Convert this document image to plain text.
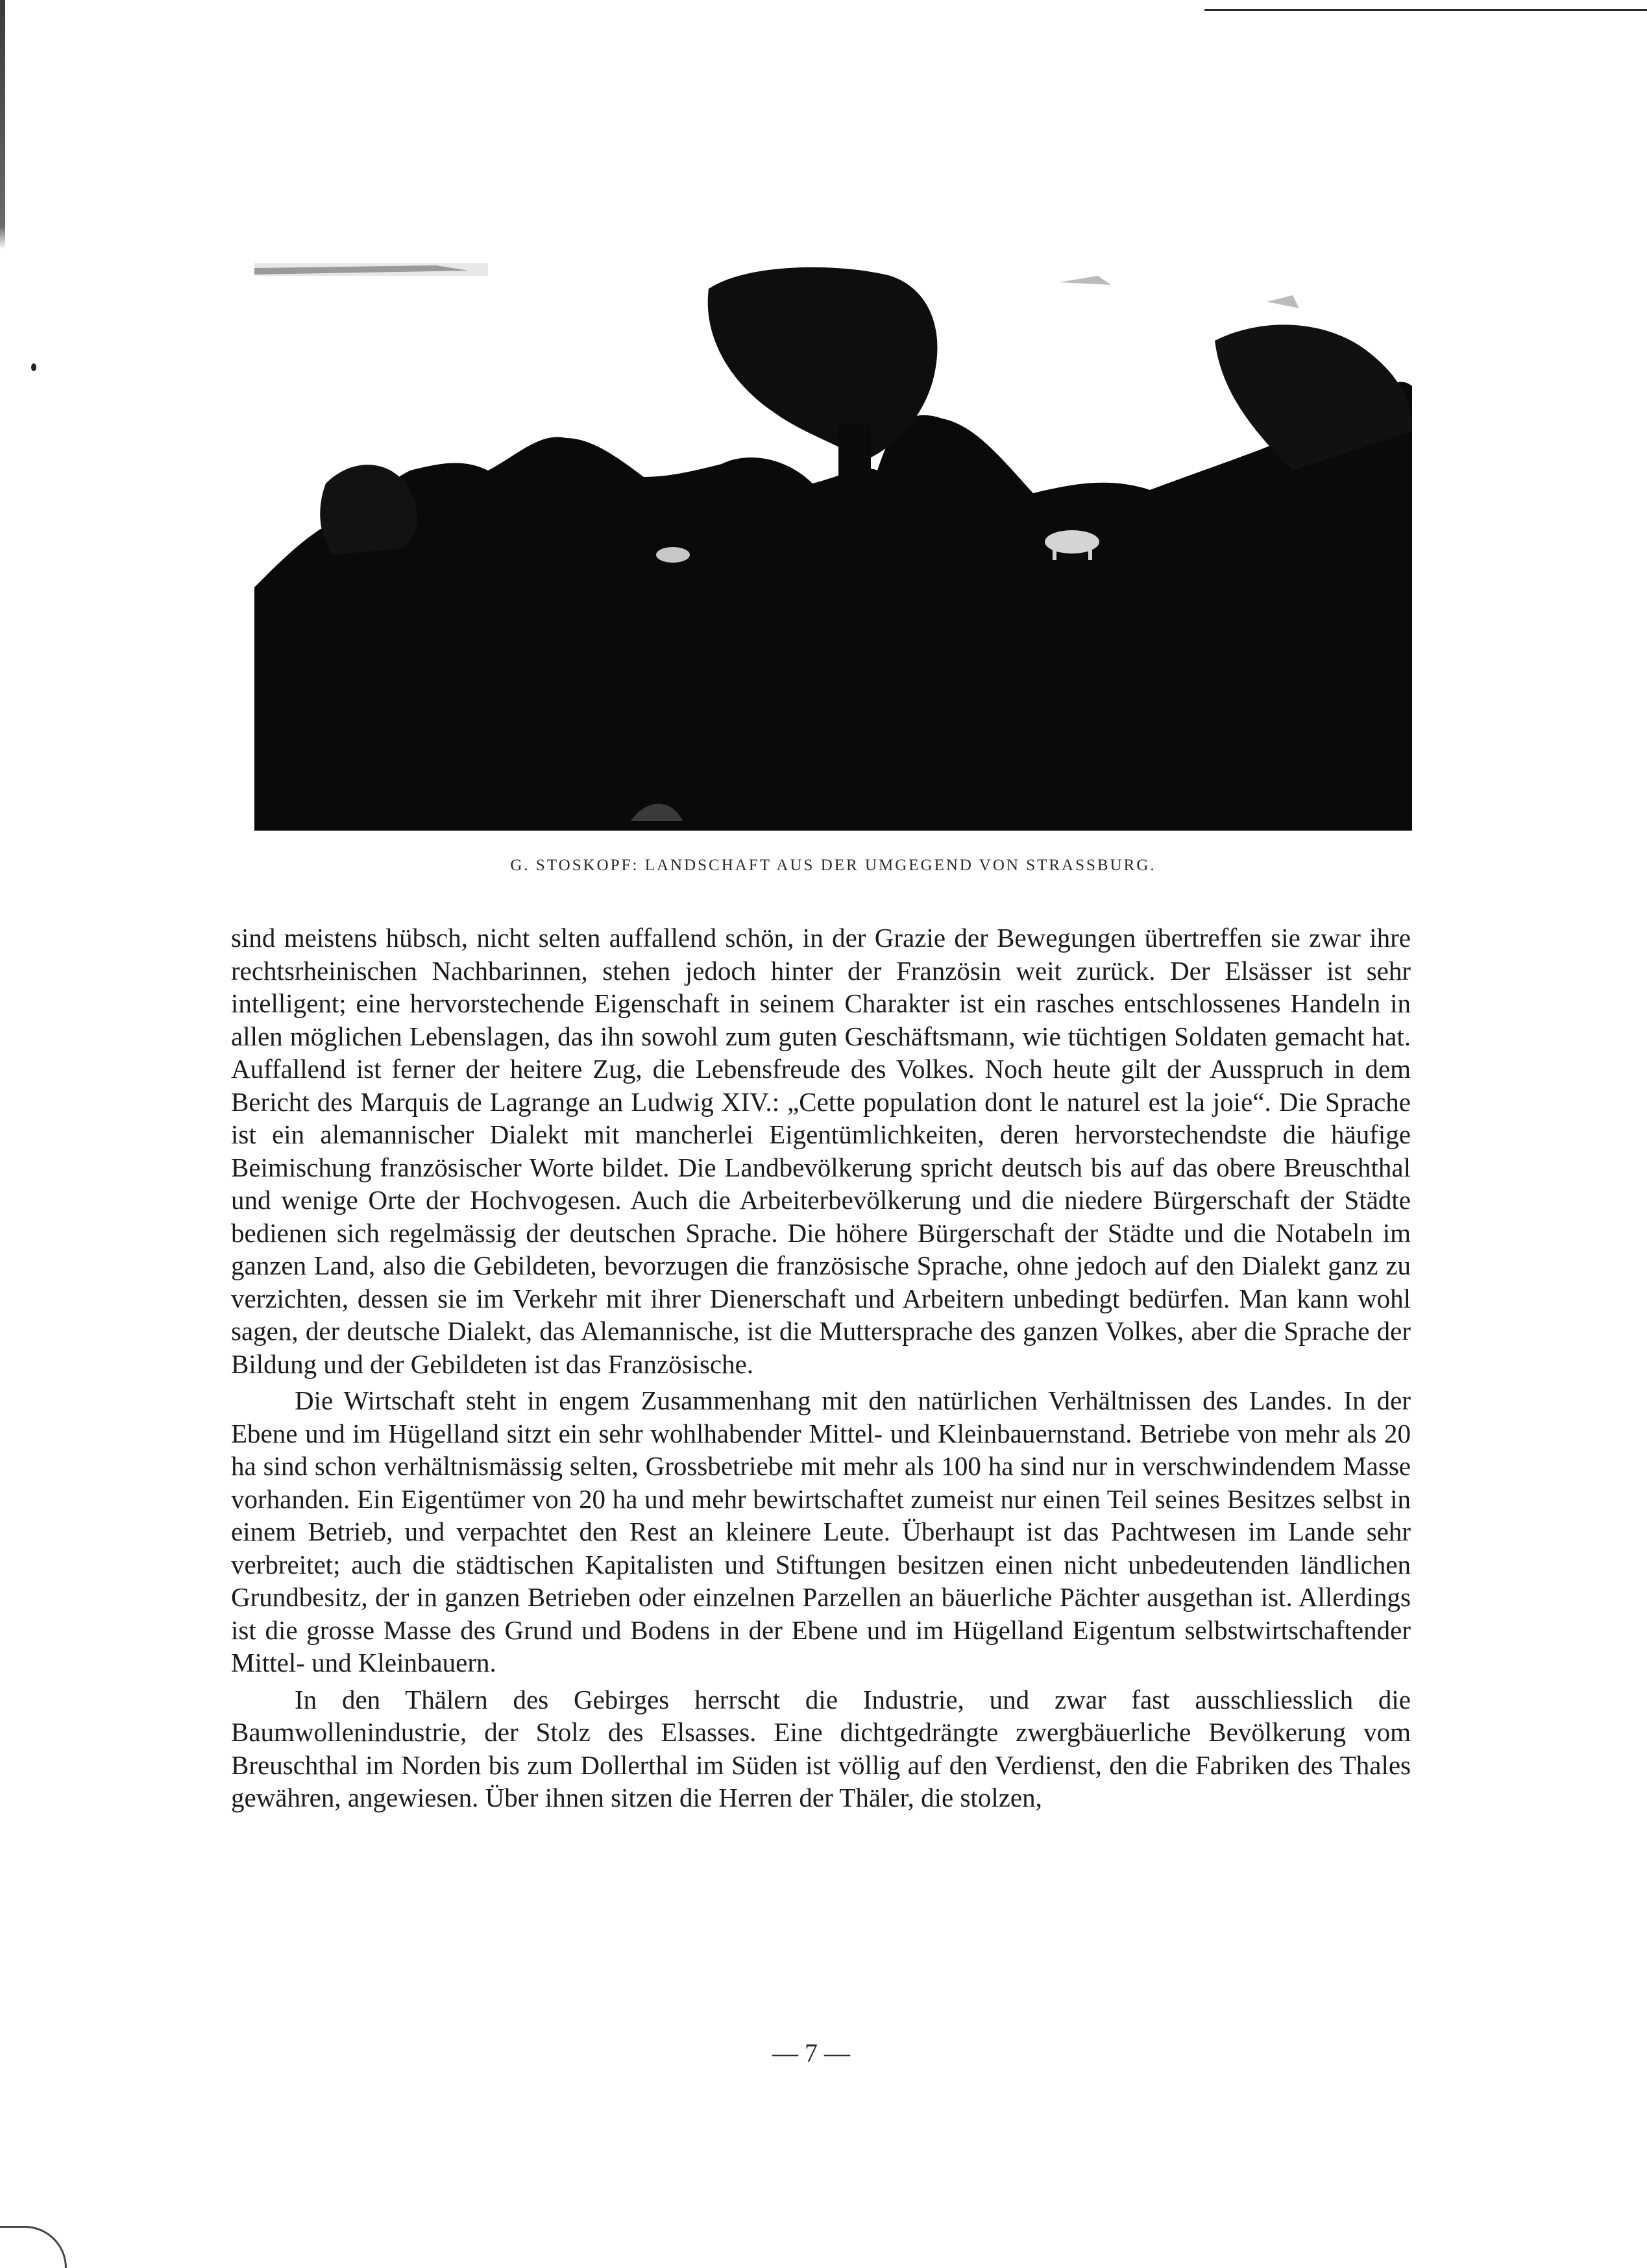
G. STOSKOPF: LANDSCHAFT AUS DER UMGEGEND VON STRASSBURG.

sind meistens hübsch, nicht selten auffallend schön, in der Grazie der Bewegungen übertreffen sie zwar ihre rechtsrheinischen Nachbarinnen, stehen jedoch hinter der Französin weit zurück. Der Elsässer ist sehr intelligent; eine hervorstechende Eigenschaft in seinem Charakter ist ein rasches entschlossenes Handeln in allen möglichen Lebenslagen, das ihn sowohl zum guten Geschäftsmann, wie tüchtigen Soldaten gemacht hat. Auffallend ist ferner der heitere Zug, die Lebensfreude des Volkes. Noch heute gilt der Ausspruch in dem Bericht des Marquis de Lagrange an Ludwig XIV.: „Cette population dont le naturel est la joie“. Die Sprache ist ein alemannischer Dialekt mit mancherlei Eigentümlichkeiten, deren hervorstechendste die häufige Beimischung französischer Worte bildet. Die Landbevölkerung spricht deutsch bis auf das obere Breuschthal und wenige Orte der Hochvogesen. Auch die Arbeiterbevölkerung und die niedere Bürgerschaft der Städte bedienen sich regelmässig der deutschen Sprache. Die höhere Bürgerschaft der Städte und die Notabeln im ganzen Land, also die Gebildeten, bevorzugen die französische Sprache, ohne jedoch auf den Dialekt ganz zu verzichten, dessen sie im Verkehr mit ihrer Dienerschaft und Arbeitern unbedingt bedürfen. Man kann wohl sagen, der deutsche Dialekt, das Alemannische, ist die Muttersprache des ganzen Volkes, aber die Sprache der Bildung und der Gebildeten ist das Französische.

Die Wirtschaft steht in engem Zusammenhang mit den natürlichen Verhältnissen des Landes. In der Ebene und im Hügelland sitzt ein sehr wohlhabender Mittel- und Kleinbauernstand. Betriebe von mehr als 20 ha sind schon verhältnismässig selten, Grossbetriebe mit mehr als 100 ha sind nur in verschwindendem Masse vorhanden. Ein Eigentümer von 20 ha und mehr bewirtschaftet zumeist nur einen Teil seines Besitzes selbst in einem Betrieb, und verpachtet den Rest an kleinere Leute. Überhaupt ist das Pachtwesen im Lande sehr verbreitet; auch die städtischen Kapitalisten und Stiftungen besitzen einen nicht unbedeutenden ländlichen Grundbesitz, der in ganzen Betrieben oder einzelnen Parzellen an bäuerliche Pächter ausgethan ist. Allerdings ist die grosse Masse des Grund und Bodens in der Ebene und im Hügelland Eigentum selbstwirtschaftender Mittel- und Kleinbauern.

In den Thälern des Gebirges herrscht die Industrie, und zwar fast ausschliesslich die Baumwollenindustrie, der Stolz des Elsasses. Eine dichtgedrängte zwergbäuerliche Bevölkerung vom Breuschthal im Norden bis zum Dollerthal im Süden ist völlig auf den Verdienst, den die Fabriken des Thales gewähren, angewiesen. Über ihnen sitzen die Herren der Thäler, die stolzen,

— 7 —
